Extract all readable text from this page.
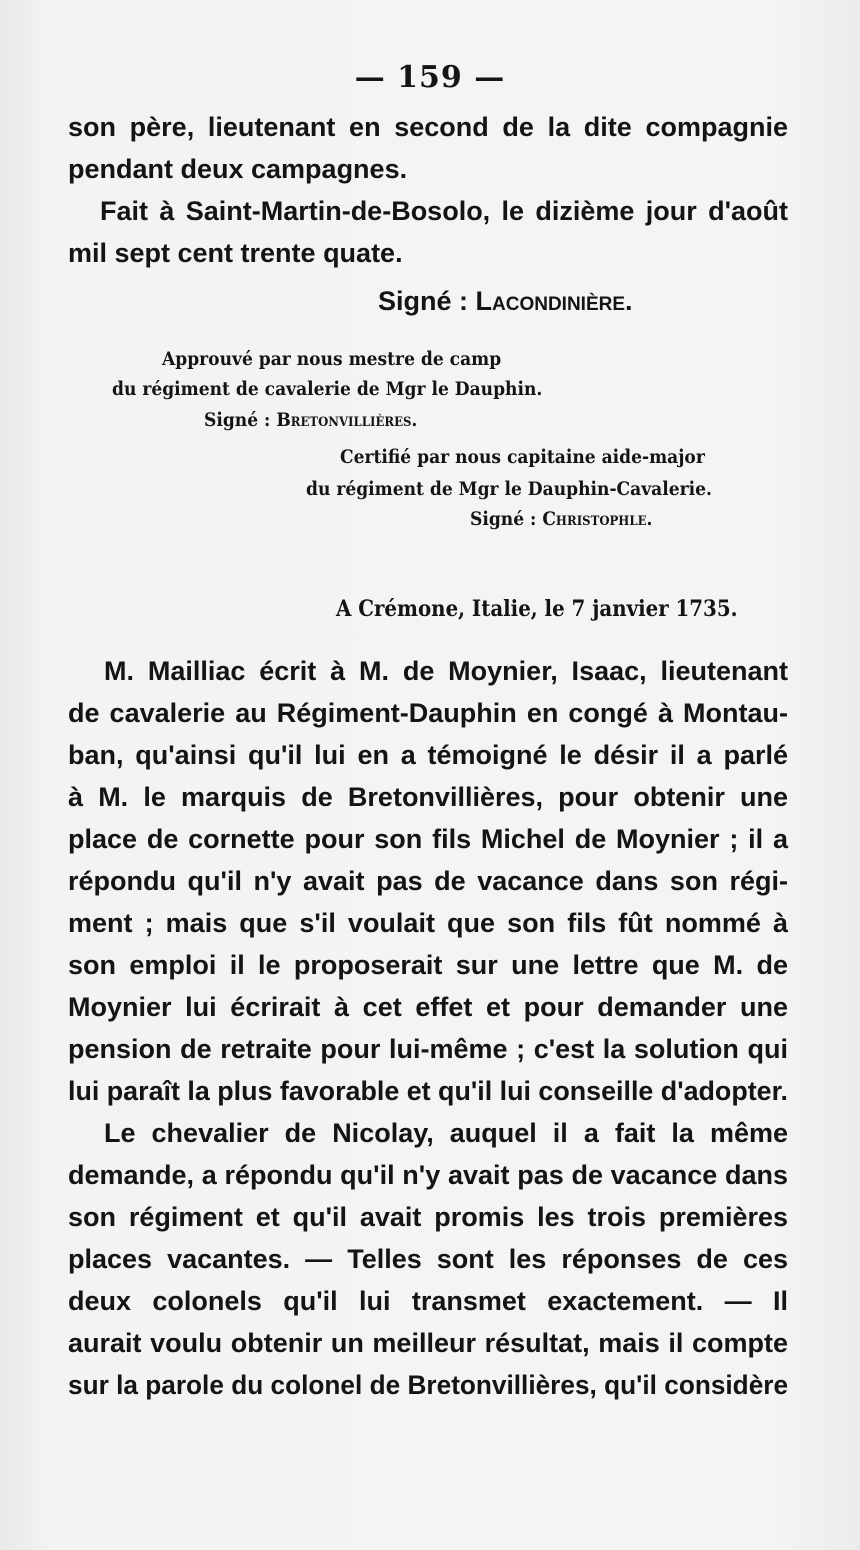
— 159 —
son père, lieutenant en second de la dite compagnie
pendant deux campagnes.
Fait à Saint-Martin-de-Bosolo, le dizième jour d'août
mil sept cent trente quate.
Signé : Lacondinière.
Approuvé par nous mestre de camp
du régiment de cavalerie de Mgr le Dauphin.
Signé : Bretonvillières.
Certifié par nous capitaine aide-major
du régiment de Mgr le Dauphin-Cavalerie.
Signé : Christophle.
A Crémone, Italie, le 7 janvier 1735.
M. Mailliac écrit à M. de Moynier, Isaac, lieutenant
de cavalerie au Régiment-Dauphin en congé à Montau-
ban, qu'ainsi qu'il lui en a témoigné le désir il a parlé
à M. le marquis de Bretonvillières, pour obtenir une
place de cornette pour son fils Michel de Moynier ; il a
répondu qu'il n'y avait pas de vacance dans son régi-
ment ; mais que s'il voulait que son fils fût nommé à
son emploi il le proposerait sur une lettre que M. de
Moynier lui écrirait à cet effet et pour demander une
pension de retraite pour lui-même ; c'est la solution qui
lui paraît la plus favorable et qu'il lui conseille d'adopter.
Le chevalier de Nicolay, auquel il a fait la même
demande, a répondu qu'il n'y avait pas de vacance dans
son régiment et qu'il avait promis les trois premières
places vacantes. — Telles sont les réponses de ces
deux colonels qu'il lui transmet exactement. — Il
aurait voulu obtenir un meilleur résultat, mais il compte
sur la parole du colonel de Bretonvillières, qu'il considère
